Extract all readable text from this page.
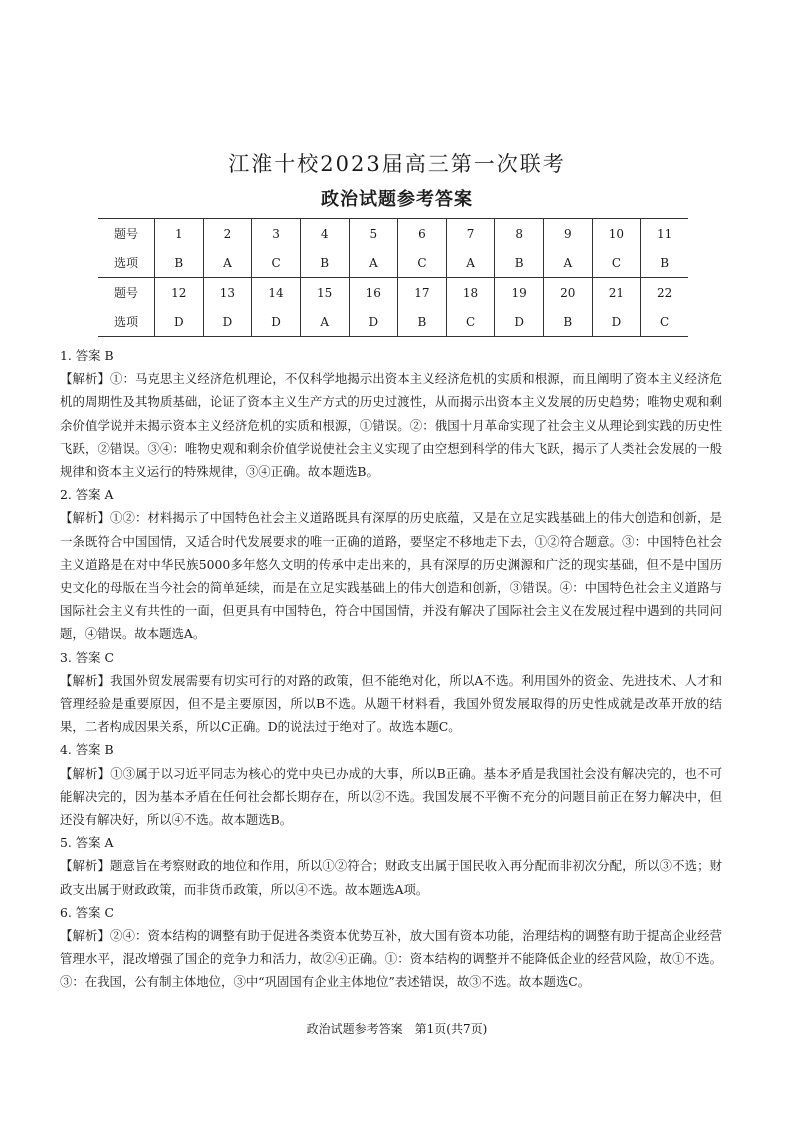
江淮十校2023届高三第一次联考
政治试题参考答案
题号	1	2	3	4	5	6	7	8	9	10	11
选项	B	A	C	B	A	C	A	B	A	C	B
题号	12	13	14	15	16	17	18	19	20	21	22
选项	D	D	D	A	D	B	C	D	B	D	C

1. 答案 B

【解析】①：马克思主义经济危机理论，不仅科学地揭示出资本主义经济危机的实质和根源，而且阐明了资本主义经济危机的周期性及其物质基础，论证了资本主义生产方式的历史过渡性，从而揭示出资本主义发展的历史趋势；唯物史观和剩余价值学说并未揭示资本主义经济危机的实质和根源，①错误。②：俄国十月革命实现了社会主义从理论到实践的历史性飞跃，②错误。③④：唯物史观和剩余价值学说使社会主义实现了由空想到科学的伟大飞跃，揭示了人类社会发展的一般规律和资本主义运行的特殊规律，③④正确。故本题选B。

2. 答案 A

【解析】①②：材料揭示了中国特色社会主义道路既具有深厚的历史底蕴，又是在立足实践基础上的伟大创造和创新，是一条既符合中国国情，又适合时代发展要求的唯一正确的道路，要坚定不移地走下去，①②符合题意。③：中国特色社会主义道路是在对中华民族5000多年悠久文明的传承中走出来的，具有深厚的历史渊源和广泛的现实基础，但不是中国历史文化的母版在当今社会的简单延续，而是在立足实践基础上的伟大创造和创新，③错误。④：中国特色社会主义道路与国际社会主义有共性的一面，但更具有中国特色，符合中国国情，并没有解决了国际社会主义在发展过程中遇到的共同问题，④错误。故本题选A。

3. 答案 C

【解析】我国外贸发展需要有切实可行的对路的政策，但不能绝对化，所以A不选。利用国外的资金、先进技术、人才和管理经验是重要原因，但不是主要原因，所以B不选。从题干材料看，我国外贸发展取得的历史性成就是改革开放的结果，二者构成因果关系，所以C正确。D的说法过于绝对了。故选本题C。

4. 答案 B

【解析】①③属于以习近平同志为核心的党中央已办成的大事，所以B正确。基本矛盾是我国社会没有解决完的，也不可能解决完的，因为基本矛盾在任何社会都长期存在，所以②不选。我国发展不平衡不充分的问题目前正在努力解决中，但还没有解决好，所以④不选。故本题选B。

5. 答案 A

【解析】题意旨在考察财政的地位和作用，所以①②符合；财政支出属于国民收入再分配而非初次分配，所以③不选；财政支出属于财政政策，而非货币政策，所以④不选。故本题选A项。

6. 答案 C

【解析】②④：资本结构的调整有助于促进各类资本优势互补，放大国有资本功能，治理结构的调整有助于提高企业经营管理水平，混改增强了国企的竞争力和活力，故②④正确。①：资本结构的调整并不能降低企业的经营风险，故①不选。③：在我国，公有制主体地位，③中“巩固国有企业主体地位”表述错误，故③不选。故本题选C。

政治试题参考答案　第1页(共7页)
